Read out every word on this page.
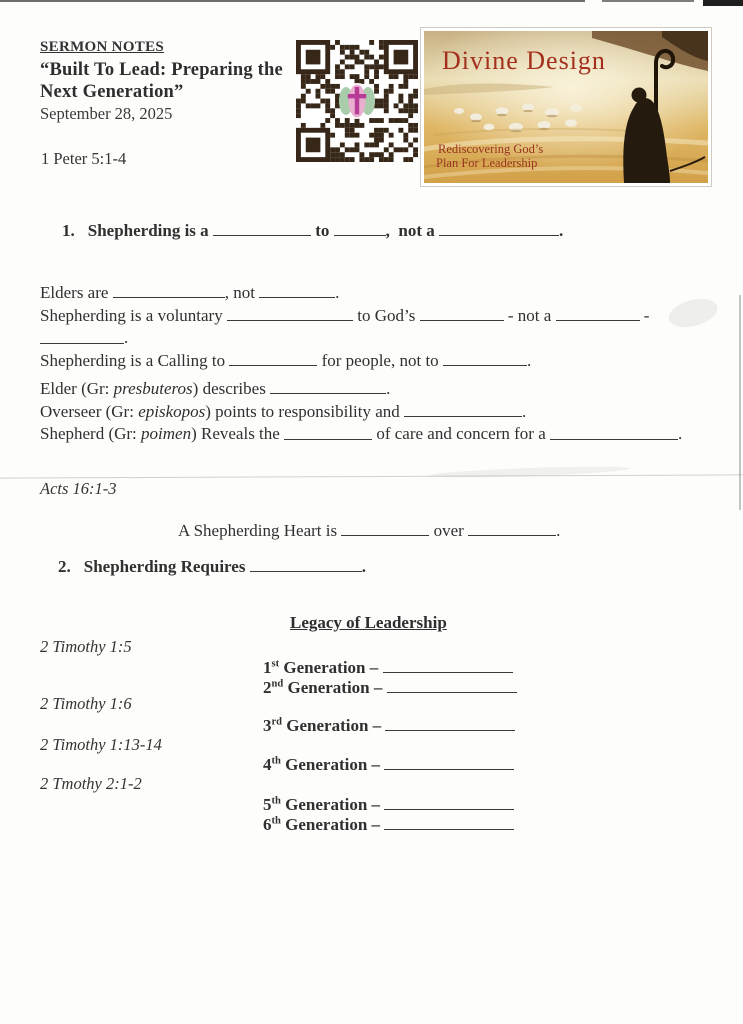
SERMON NOTES
“Built To Lead: Preparing the
Next Generation”
September 28, 2025
1 Peter 5:1-4
Divine Design
Rediscovering God’s
Plan For Leadership
1. Shepherding is a	to	,  not a	.
Elders are	, not	.
Shepherding is a voluntary	to God’s	- not a	-
.
Shepherding is a Calling to	for people, not to	.
Elder (Gr: presbuteros) describes	.
Overseer (Gr: episkopos) points to responsibility and	.
Shepherd (Gr: poimen) Reveals the	of care and concern for a	.
Acts 16:1-3
A Shepherding Heart is	over	.
2. Shepherding Requires	.
Legacy of Leadership
2 Timothy 1:5
2 Timothy 1:6
2 Timothy 1:13-14
2 Tmothy 2:1-2
1st Generation –
2nd Generation –
3rd Generation –
4th Generation –
5th Generation –
6th Generation –
